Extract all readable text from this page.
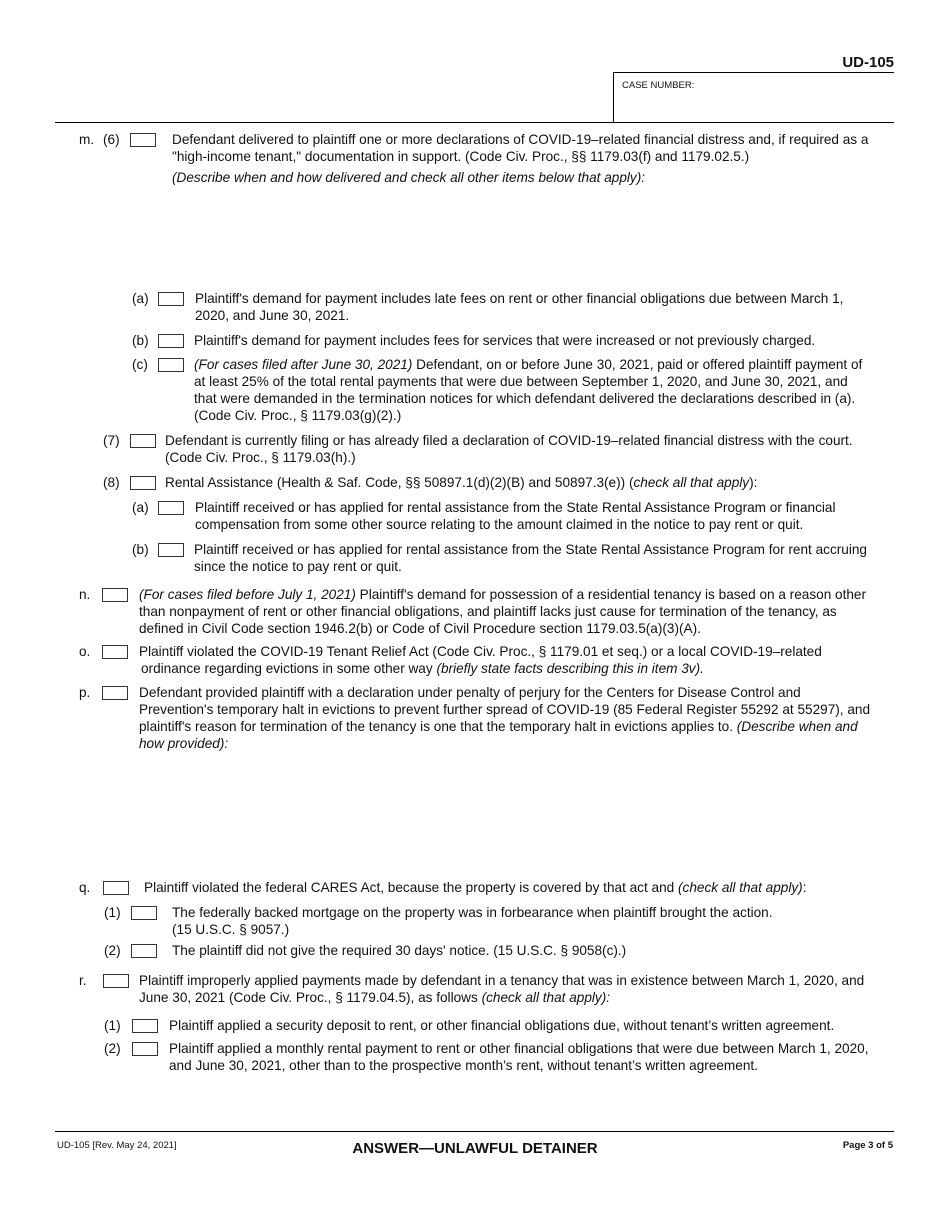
UD-105
CASE NUMBER:
m. (6)	Defendant delivered to plaintiff one or more declarations of COVID-19–related financial distress and, if required as a
"high-income tenant," documentation in support. (Code Civ. Proc., §§ 1179.03(f) and 1179.02.5.)
(Describe when and how delivered and check all other items below that apply):
(a)	Plaintiff's demand for payment includes late fees on rent or other financial obligations due between March 1,
2020, and June 30, 2021.
(b)	Plaintiff's demand for payment includes fees for services that were increased or not previously charged.
(c)	(For cases filed after June 30, 2021) Defendant, on or before June 30, 2021, paid or offered plaintiff payment of
at least 25% of the total rental payments that were due between September 1, 2020, and June 30, 2021, and
that were demanded in the termination notices for which defendant delivered the declarations described in (a).
(Code Civ. Proc., § 1179.03(g)(2).)
(7)	Defendant is currently filing or has already filed a declaration of COVID-19–related financial distress with the court.
(Code Civ. Proc., § 1179.03(h).)
(8)	Rental Assistance (Health & Saf. Code, §§ 50897.1(d)(2)(B) and 50897.3(e)) (check all that apply):
(a)	Plaintiff received or has applied for rental assistance from the State Rental Assistance Program or financial
compensation from some other source relating to the amount claimed in the notice to pay rent or quit.
(b)	Plaintiff received or has applied for rental assistance from the State Rental Assistance Program for rent accruing
since the notice to pay rent or quit.
n.	(For cases filed before July 1, 2021) Plaintiff's demand for possession of a residential tenancy is based on a reason other
than nonpayment of rent or other financial obligations, and plaintiff lacks just cause for termination of the tenancy, as
defined in Civil Code section 1946.2(b) or Code of Civil Procedure section 1179.03.5(a)(3)(A).
o.	Plaintiff violated the COVID-19 Tenant Relief Act (Code Civ. Proc., § 1179.01 et seq.) or a local COVID-19–related
ordinance regarding evictions in some other way (briefly state facts describing this in item 3v).
p.	Defendant provided plaintiff with a declaration under penalty of perjury for the Centers for Disease Control and
Prevention's temporary halt in evictions to prevent further spread of COVID-19 (85 Federal Register 55292 at 55297), and
plaintiff's reason for termination of the tenancy is one that the temporary halt in evictions applies to. (Describe when and
how provided):
q.	Plaintiff violated the federal CARES Act, because the property is covered by that act and (check all that apply):
(1)	The federally backed mortgage on the property was in forbearance when plaintiff brought the action.
(15 U.S.C. § 9057.)
(2)	The plaintiff did not give the required 30 days' notice. (15 U.S.C. § 9058(c).)
r.	Plaintiff improperly applied payments made by defendant in a tenancy that was in existence between March 1, 2020, and
June 30, 2021 (Code Civ. Proc., § 1179.04.5), as follows (check all that apply):
(1)	Plaintiff applied a security deposit to rent, or other financial obligations due, without tenant’s written agreement.
(2)	Plaintiff applied a monthly rental payment to rent or other financial obligations that were due between March 1, 2020,
and June 30, 2021, other than to the prospective month’s rent, without tenant’s written agreement.
UD-105 [Rev. May 24, 2021]	ANSWER—UNLAWFUL DETAINER	Page 3 of 5
